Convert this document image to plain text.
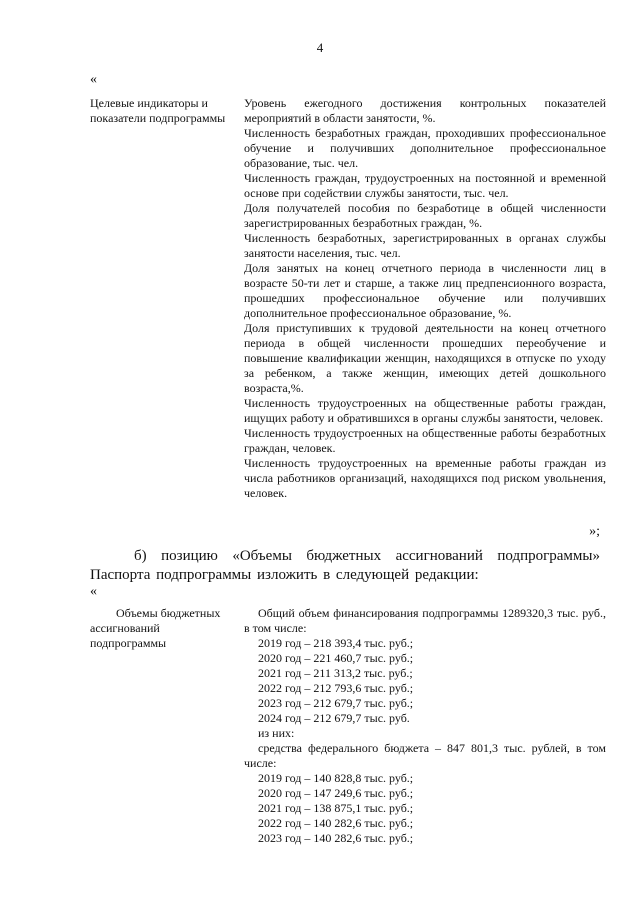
4
«
Целевые индикаторы и показатели подпрограммы

Уровень ежегодного достижения контрольных показателей мероприятий в области занятости, %.

Численность безработных граждан, проходивших профессиональное обучение и получивших дополнительное профессиональное образование, тыс. чел.

Численность граждан, трудоустроенных на постоянной и временной основе при содействии службы занятости, тыс. чел.

Доля получателей пособия по безработице в общей численности зарегистрированных безработных граждан, %.

Численность безработных, зарегистрированных в органах службы занятости населения, тыс. чел.

Доля занятых на конец отчетного периода в численности лиц в возрасте 50-ти лет и старше, а также лиц предпенсионного возраста, прошедших профессиональное обучение или получивших дополнительное профессиональное образование, %.

Доля приступивших к трудовой деятельности на конец отчетного периода в общей численности прошедших переобучение и повышение квалификации женщин, находящихся в отпуске по уходу за ребенком, а также женщин, имеющих детей дошкольного возраста,%.

Численность трудоустроенных на общественные работы граждан, ищущих работу и обратившихся в органы службы занятости, человек.

Численность трудоустроенных на общественные работы безработных граждан, человек.

Численность трудоустроенных на временные работы граждан из числа работников организаций, находящихся под риском увольнения, человек.

»;

б) позицию «Объемы бюджетных ассигнований подпрограммы» Паспорта подпрограммы изложить в следующей редакции:

«
Объемы бюджетных ассигнований подпрограммы

Общий объем финансирования подпрограммы 1289320,3 тыс. руб., в том числе:

2019 год – 218 393,4 тыс. руб.;

2020 год – 221 460,7 тыс. руб.;

2021 год – 211 313,2 тыс. руб.;

2022 год – 212 793,6 тыс. руб.;

2023 год – 212 679,7 тыс. руб.;

2024 год – 212 679,7 тыс. руб.

из них:

средства федерального бюджета – 847 801,3 тыс. рублей, в том числе:

2019 год – 140 828,8 тыс. руб.;

2020 год – 147 249,6 тыс. руб.;

2021 год – 138 875,1 тыс. руб.;

2022 год – 140 282,6 тыс. руб.;

2023 год – 140 282,6 тыс. руб.;
